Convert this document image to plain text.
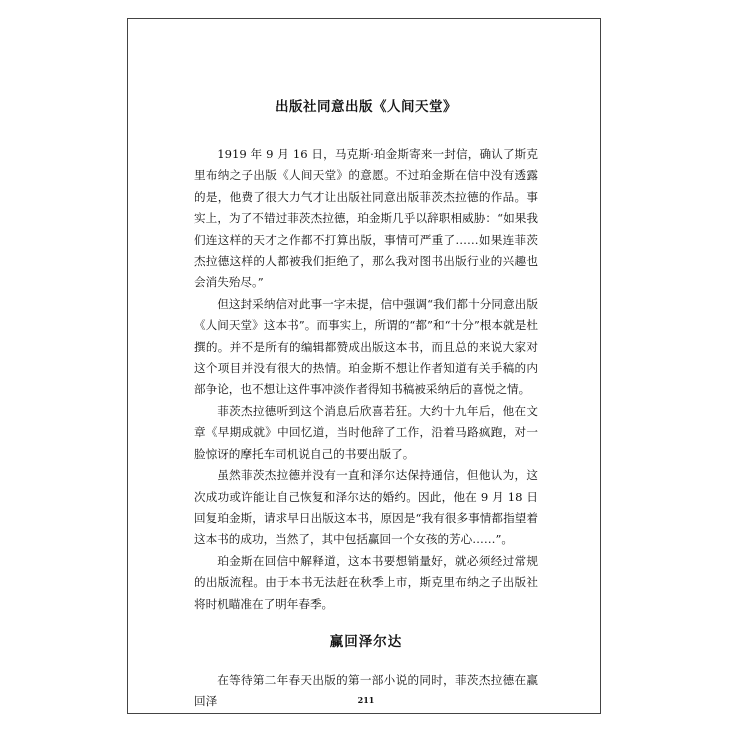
出版社同意出版《人间天堂》

1919 年 9 月 16 日，马克斯·珀金斯寄来一封信，确认了斯克里布纳之子出版《人间天堂》的意愿。不过珀金斯在信中没有透露的是，他费了很大力气才让出版社同意出版菲茨杰拉德的作品。事实上，为了不错过菲茨杰拉德，珀金斯几乎以辞职相威胁：“如果我们连这样的天才之作都不打算出版，事情可严重了……如果连菲茨杰拉德这样的人都被我们拒绝了，那么我对图书出版行业的兴趣也会消失殆尽。”

但这封采纳信对此事一字未提，信中强调“我们都十分同意出版《人间天堂》这本书”。而事实上，所谓的“都”和“十分”根本就是杜撰的。并不是所有的编辑都赞成出版这本书，而且总的来说大家对这个项目并没有很大的热情。珀金斯不想让作者知道有关手稿的内部争论，也不想让这件事冲淡作者得知书稿被采纳后的喜悦之情。

菲茨杰拉德听到这个消息后欣喜若狂。大约十九年后，他在文章《早期成就》中回忆道，当时他辞了工作，沿着马路疯跑，对一脸惊讶的摩托车司机说自己的书要出版了。

虽然菲茨杰拉德并没有一直和泽尔达保持通信，但他认为，这次成功或许能让自己恢复和泽尔达的婚约。因此，他在 9 月 18 日回复珀金斯，请求早日出版这本书，原因是“我有很多事情都指望着这本书的成功，当然了，其中包括赢回一个女孩的芳心……”。

珀金斯在回信中解释道，这本书要想销量好，就必须经过常规的出版流程。由于本书无法赶在秋季上市，斯克里布纳之子出版社将时机瞄准在了明年春季。

赢回泽尔达

在等待第二年春天出版的第一部小说的同时，菲茨杰拉德在赢回泽	211
